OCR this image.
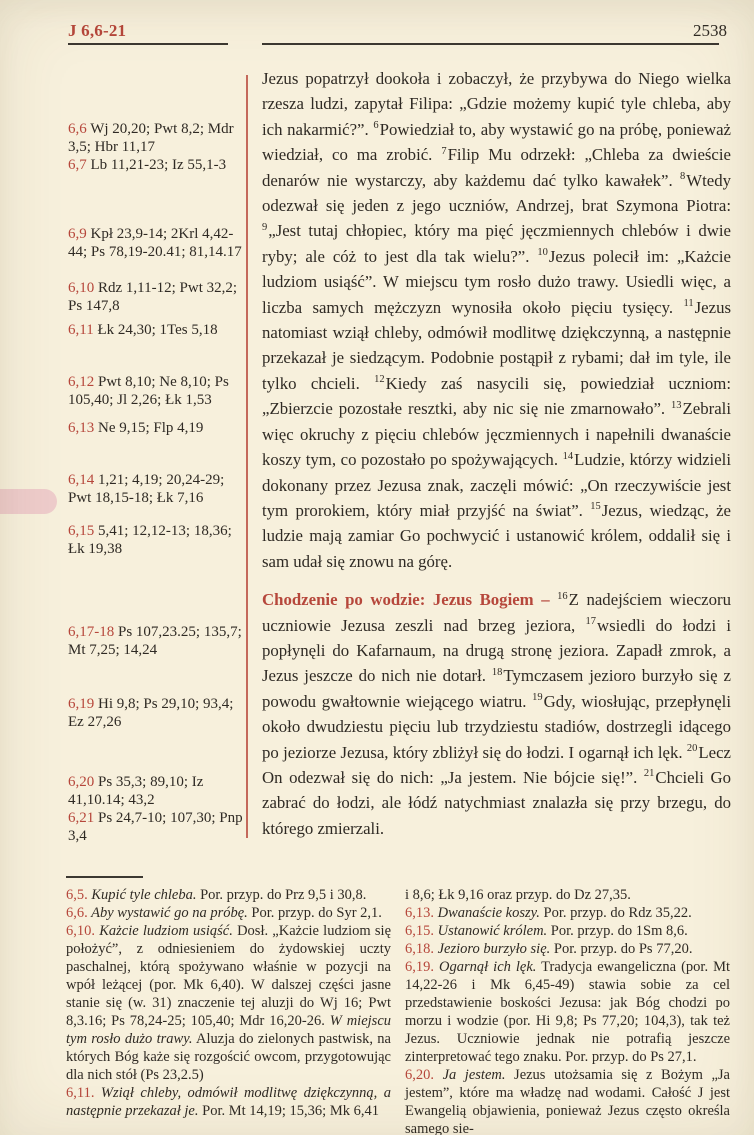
J 6,6-21	2538
6,6 Wj 20,20; Pwt 8,2; Mdr 3,5; Hbr 11,17
6,7 Lb 11,21-23; Iz 55,1-3
6,9 Kpł 23,9-14; 2Krl 4,42-44; Ps 78,19-20.41; 81,14.17
6,10 Rdz 1,11-12; Pwt 32,2; Ps 147,8
6,11 Łk 24,30; 1Tes 5,18
6,12 Pwt 8,10; Ne 8,10; Ps 105,40; Jl 2,26; Łk 1,53
6,13 Ne 9,15; Flp 4,19
6,14 1,21; 4,19; 20,24-29; Pwt 18,15-18; Łk 7,16
6,15 5,41; 12,12-13; 18,36; Łk 19,38
6,17-18 Ps 107,23.25; 135,7; Mt 7,25; 14,24
6,19 Hi 9,8; Ps 29,10; 93,4; Ez 27,26
6,20 Ps 35,3; 89,10; Iz 41,10.14; 43,2
6,21 Ps 24,7-10; 107,30; Pnp 3,4
Jezus popatrzył dookoła i zobaczył, że przybywa do Niego wielka rzesza ludzi, zapytał Filipa: „Gdzie możemy kupić tyle chleba, aby ich nakarmić?”. $^6$Powiedział to, aby wystawić go na próbę, ponieważ wiedział, co ma zrobić. $^7$Filip Mu odrzekł: „Chleba za dwieście denarów nie wystarczy, aby każdemu dać tylko kawałek”. $^8$Wtedy odezwał się jeden z jego uczniów, Andrzej, brat Szymona Piotra: $^9$„Jest tutaj chłopiec, który ma pięć jęczmiennych chlebów i dwie ryby; ale cóż to jest dla tak wielu?”. $^{10}$Jezus polecił im: „Każcie ludziom usiąść”. W miejscu tym rosło dużo trawy. Usiedli więc, a liczba samych mężczyzn wynosiła około pięciu tysięcy. $^{11}$Jezus natomiast wziął chleby, odmówił modlitwę dziękczynną, a następnie przekazał je siedzącym. Podobnie postąpił z rybami; dał im tyle, ile tylko chcieli. $^{12}$Kiedy zaś nasycili się, powiedział uczniom: „Zbierzcie pozostałe resztki, aby nic się nie zmarnowało”. $^{13}$Zebrali więc okruchy z pięciu chlebów jęczmiennych i napełnili dwanaście koszy tym, co pozostało po spożywających. $^{14}$Ludzie, którzy widzieli dokonany przez Jezusa znak, zaczęli mówić: „On rzeczywiście jest tym prorokiem, który miał przyjść na świat”. $^{15}$Jezus, wiedząc, że ludzie mają zamiar Go pochwycić i ustanowić królem, oddalił się i sam udał się znowu na górę.
Chodzenie po wodzie: Jezus Bogiem – $^{16}$Z nadejściem wieczoru uczniowie Jezusa zeszli nad brzeg jeziora, $^{17}$wsiedli do łodzi i popłynęli do Kafarnaum, na drugą stronę jeziora. Zapadł zmrok, a Jezus jeszcze do nich nie dotarł. $^{18}$Tymczasem jezioro burzyło się z powodu gwałtownie wiejącego wiatru. $^{19}$Gdy, wiosłując, przepłynęli około dwudziestu pięciu lub trzydziestu stadiów, dostrzegli idącego po jeziorze Jezusa, który zbliżył się do łodzi. I ogarnął ich lęk. $^{20}$Lecz On odezwał się do nich: „Ja jestem. Nie bójcie się!”. $^{21}$Chcieli Go zabrać do łodzi, ale łódź natychmiast znalazła się przy brzegu, do którego zmierzali.
6,5. Kupić tyle chleba. Por. przyp. do Prz 9,5 i 30,8.
6,6. Aby wystawić go na próbę. Por. przyp. do Syr 2,1.
6,10. Każcie ludziom usiąść. Dosł. „Każcie ludziom się położyć”, z odniesieniem do żydowskiej uczty paschalnej, którą spożywano właśnie w pozycji na wpół leżącej (por. Mk 6,40). W dalszej części jasne stanie się (w. 31) znaczenie tej aluzji do Wj 16; Pwt 8,3.16; Ps 78,24-25; 105,40; Mdr 16,20-26. W miejscu tym rosło dużo trawy. Aluzja do zielonych pastwisk, na których Bóg każe się rozgościć owcom, przygotowując dla nich stół (Ps 23,2.5)
6,11. Wziął chleby, odmówił modlitwę dziękczynną, a następnie przekazał je. Por. Mt 14,19; 15,36; Mk 6,41
i 8,6; Łk 9,16 oraz przyp. do Dz 27,35.
6,13. Dwanaście koszy. Por. przyp. do Rdz 35,22.
6,15. Ustanowić królem. Por. przyp. do 1Sm 8,6.
6,18. Jezioro burzyło się. Por. przyp. do Ps 77,20.
6,19. Ogarnął ich lęk. Tradycja ewangeliczna (por. Mt 14,22-26 i Mk 6,45-49) stawia sobie za cel przedstawienie boskości Jezusa: jak Bóg chodzi po morzu i wodzie (por. Hi 9,8; Ps 77,20; 104,3), tak też Jezus. Uczniowie jednak nie potrafią jeszcze zinterpretować tego znaku. Por. przyp. do Ps 27,1.
6,20. Ja jestem. Jezus utożsamia się z Bożym „Ja jestem”, które ma władzę nad wodami. Całość J jest Ewangelią objawienia, ponieważ Jezus często określa samego sie-
